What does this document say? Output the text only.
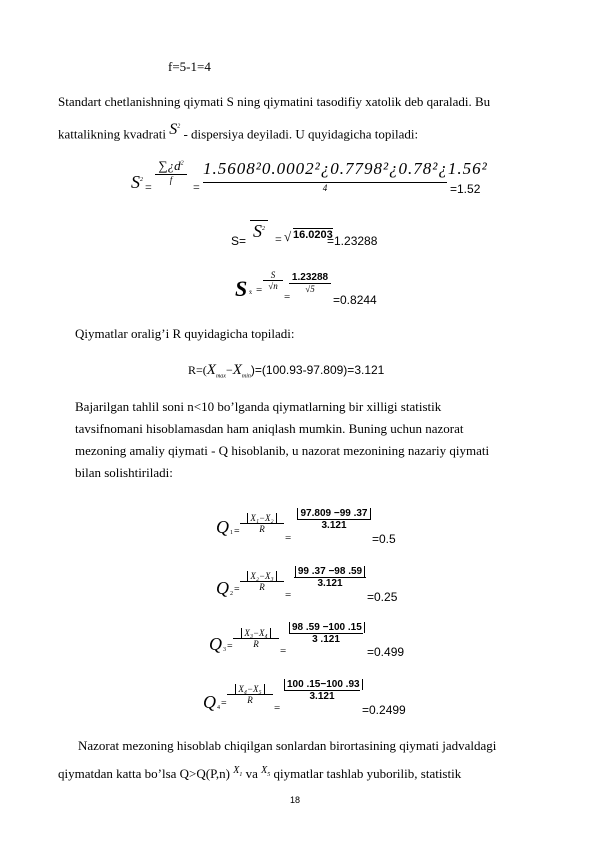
f=5-1=4
Standart chetlanishning qiymati S ning qiymatini tasodifiy xatolik deb qaraladi. Bu
kattalikning kvadrati $S^2$ - dispersiya deyiladi. U quyidagicha topiladi:
$S^2$ =
$\sum¿d^2$
f	=
1.5608²0.0002²¿0.7798²¿0.78²¿1.56²
4	=1.52
$S= S^2$
= √ 16.0203
=1.23288
S x̄ =
S
√n
=
1.23288
√5
=0.8244
Qiymatlar oralig’i R quyidagicha topiladi:
$R=(X_{max}-X_{min})=(100.93-97.809)=3.121$
Bajarilgan tahlil soni n<10 bo’lganda qiymatlarning bir xilligi statistik
tavsifnomani hisoblamasdan ham aniqlash mumkin. Buning uchun nazorat
mezoning amaliy qiymati - Q hisoblanib, u nazorat mezonining nazariy qiymati
bilan solishtiriladi:
Q 1 =
X₁−X₂
R
=
97.809 −99 .37
3.121
=0.5
Q 2 =
X₂−X₃
R
=
99 .37 −98 .59
3.121
=0.25
Q 3 =
X₃−X₄
R
=
98 .59 −100 .15
3 .121
=0.499
Q 4 =
X₄−X₅
R
=
100 .15−100 .93
3.121
=0.2499
Nazorat mezoning hisoblab chiqilgan sonlardan birortasining qiymati jadvaldagi
qiymatdan katta bo’lsa Q>Q(P,n) $^{X_1}$ va $^{X_5}$ qiymatlar tashlab yuborilib, statistik
18
